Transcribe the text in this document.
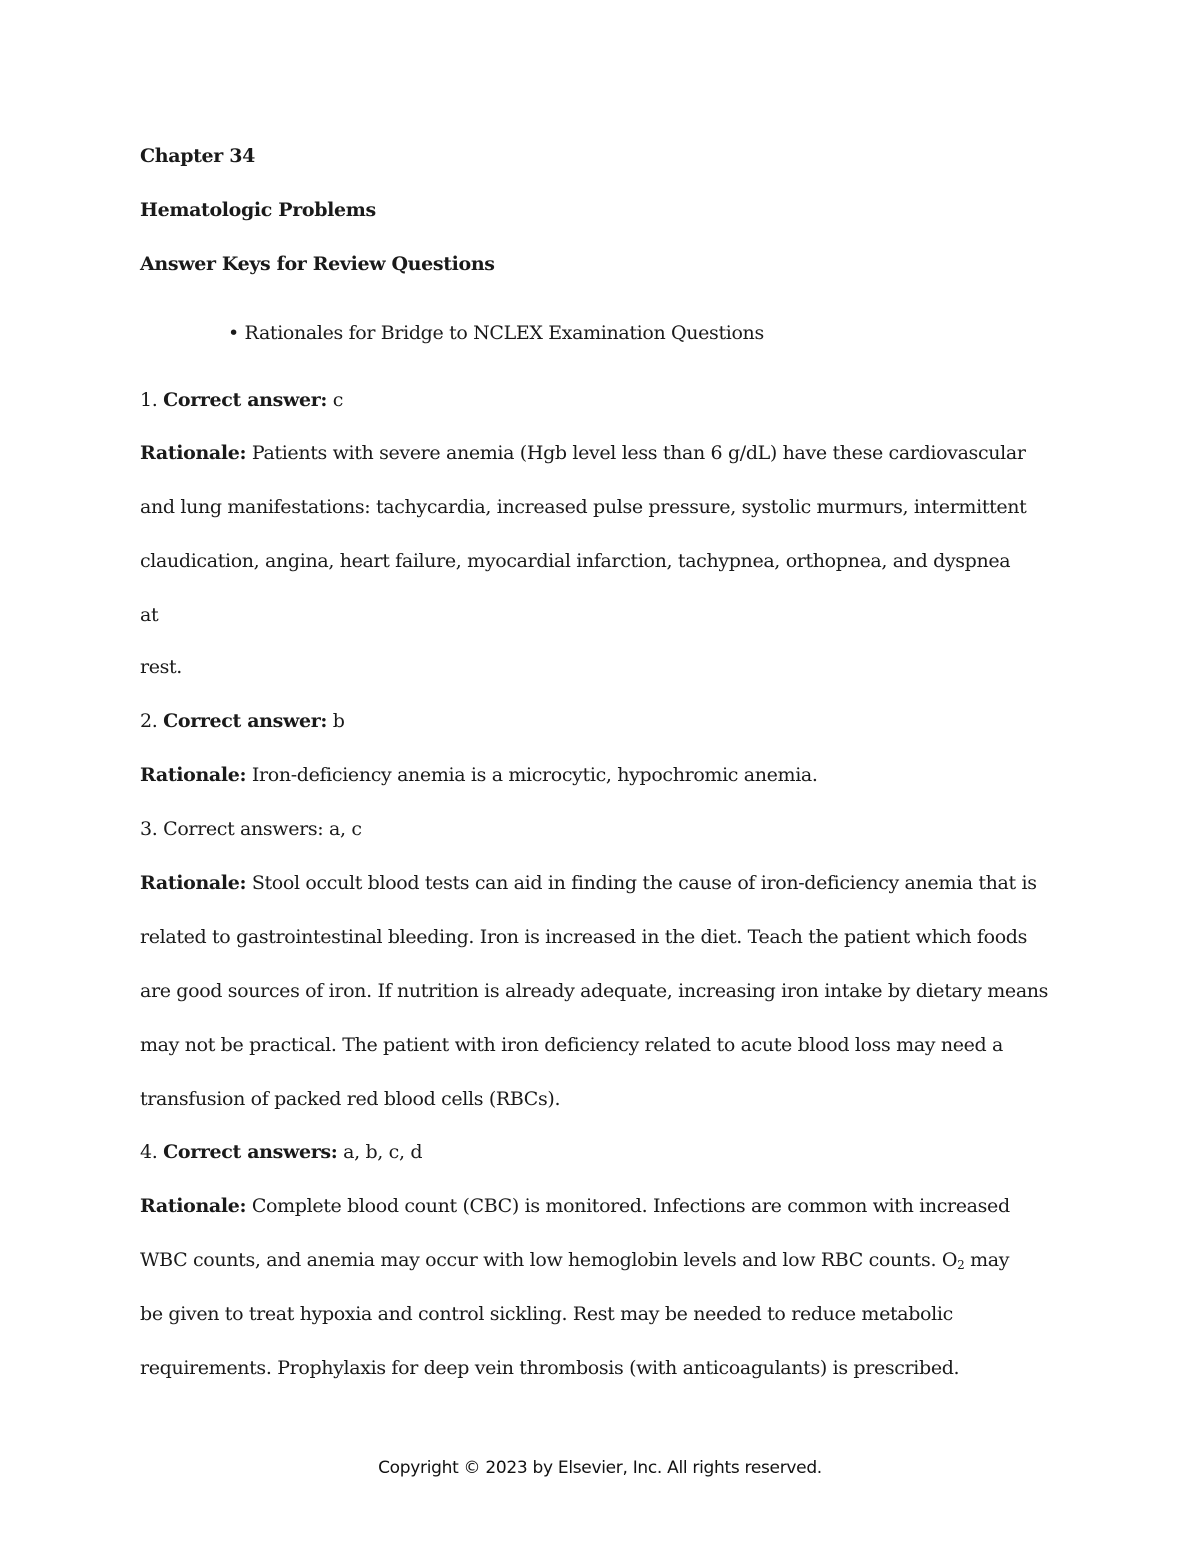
Chapter 34
Hematologic Problems
Answer Keys for Review Questions
• Rationales for Bridge to NCLEX Examination Questions
1. Correct answer: c
Rationale: Patients with severe anemia (Hgb level less than 6 g/dL) have these cardiovascular
and lung manifestations: tachycardia, increased pulse pressure, systolic murmurs, intermittent
claudication, angina, heart failure, myocardial infarction, tachypnea, orthopnea, and dyspnea
at
rest.
2. Correct answer: b
Rationale: Iron-deficiency anemia is a microcytic, hypochromic anemia.
3. Correct answers: a, c
Rationale: Stool occult blood tests can aid in finding the cause of iron-deficiency anemia that is
related to gastrointestinal bleeding. Iron is increased in the diet. Teach the patient which foods
are good sources of iron. If nutrition is already adequate, increasing iron intake by dietary means
may not be practical. The patient with iron deficiency related to acute blood loss may need a
transfusion of packed red blood cells (RBCs).
4. Correct answers: a, b, c, d
Rationale: Complete blood count (CBC) is monitored. Infections are common with increased
WBC counts, and anemia may occur with low hemoglobin levels and low RBC counts. $O_2$ may
be given to treat hypoxia and control sickling. Rest may be needed to reduce metabolic
requirements. Prophylaxis for deep vein thrombosis (with anticoagulants) is prescribed.
Copyright © 2023 by Elsevier, Inc. All rights reserved.
